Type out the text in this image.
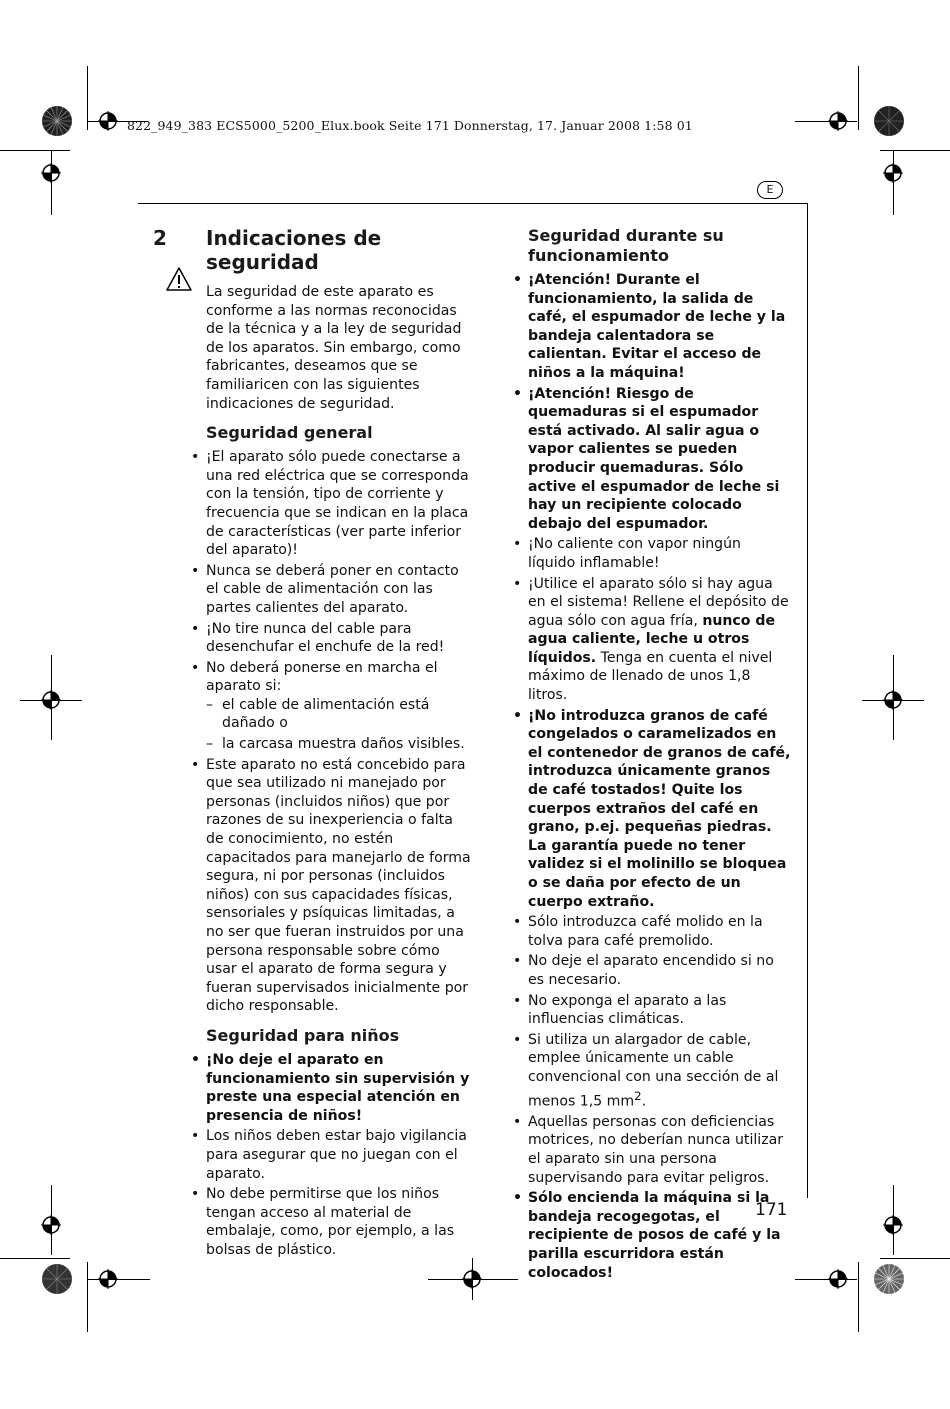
822_949_383 ECS5000_5200_Elux.book Seite 171 Donnerstag, 17. Januar 2008 1:58 01
E
2 Indicaciones de seguridad

La seguridad de este aparato es conforme a las normas reconocidas de la técnica y a la ley de seguridad de los aparatos. Sin embargo, como fabricantes, deseamos que se familiaricen con las siguientes indicaciones de seguridad.

Seguridad general
• ¡El aparato sólo puede conectarse a una red eléctrica que se corresponda con la tensión, tipo de corriente y frecuencia que se indican en la placa de características (ver parte inferior del aparato)!
• Nunca se deberá poner en contacto el cable de alimentación con las partes calientes del aparato.
• ¡No tire nunca del cable para desenchufar el enchufe de la red!
• No deberá ponerse en marcha el aparato si:
– el cable de alimentación está dañado o
– la carcasa muestra daños visibles.
• Este aparato no está concebido para que sea utilizado ni manejado por personas (incluidos niños) que por razones de su inexperiencia o falta de conocimiento, no estén capacitados para manejarlo de forma segura, ni por personas (incluidos niños) con sus capacidades físicas, sensoriales y psíquicas limitadas, a no ser que fueran instruidos por una persona responsable sobre cómo usar el aparato de forma segura y fueran supervisados inicialmente por dicho responsable.
Seguridad para niños
• ¡No deje el aparato en funcionamiento sin supervisión y preste una especial atención en presencia de niños!
• Los niños deben estar bajo vigilancia para asegurar que no juegan con el aparato.
• No debe permitirse que los niños tengan acceso al material de embalaje, como, por ejemplo, a las bolsas de plástico.
Seguridad durante su funcionamiento
• ¡Atención! Durante el funcionamiento, la salida de café, el espumador de leche y la bandeja calentadora se calientan. Evitar el acceso de niños a la máquina!
• ¡Atención! Riesgo de quemaduras si el espumador está activado. Al salir agua o vapor calientes se pueden producir quemaduras. Sólo active el espumador de leche si hay un recipiente colocado debajo del espumador.
• ¡No caliente con vapor ningún líquido inflamable!
• ¡Utilice el aparato sólo si hay agua en el sistema! Rellene el depósito de agua sólo con agua fría, nunco de agua caliente, leche u otros líquidos. Tenga en cuenta el nivel máximo de llenado de unos 1,8 litros.
• ¡No introduzca granos de café congelados o caramelizados en el contenedor de granos de café, introduzca únicamente granos de café tostados! Quite los cuerpos extraños del café en grano, p.ej. pequeñas piedras. La garantía puede no tener validez si el molinillo se bloquea o se daña por efecto de un cuerpo extraño.
• Sólo introduzca café molido en la tolva para café premolido.
• No deje el aparato encendido si no es necesario.
• No exponga el aparato a las influencias climáticas.
• Si utiliza un alargador de cable, emplee únicamente un cable convencional con una sección de al menos 1,5 $mm^2$.
• Aquellas personas con deficiencias motrices, no deberían nunca utilizar el aparato sin una persona supervisando para evitar peligros.
• Sólo encienda la máquina si la bandeja recogegotas, el recipiente de posos de café y la parilla escurridora están colocados!
171
